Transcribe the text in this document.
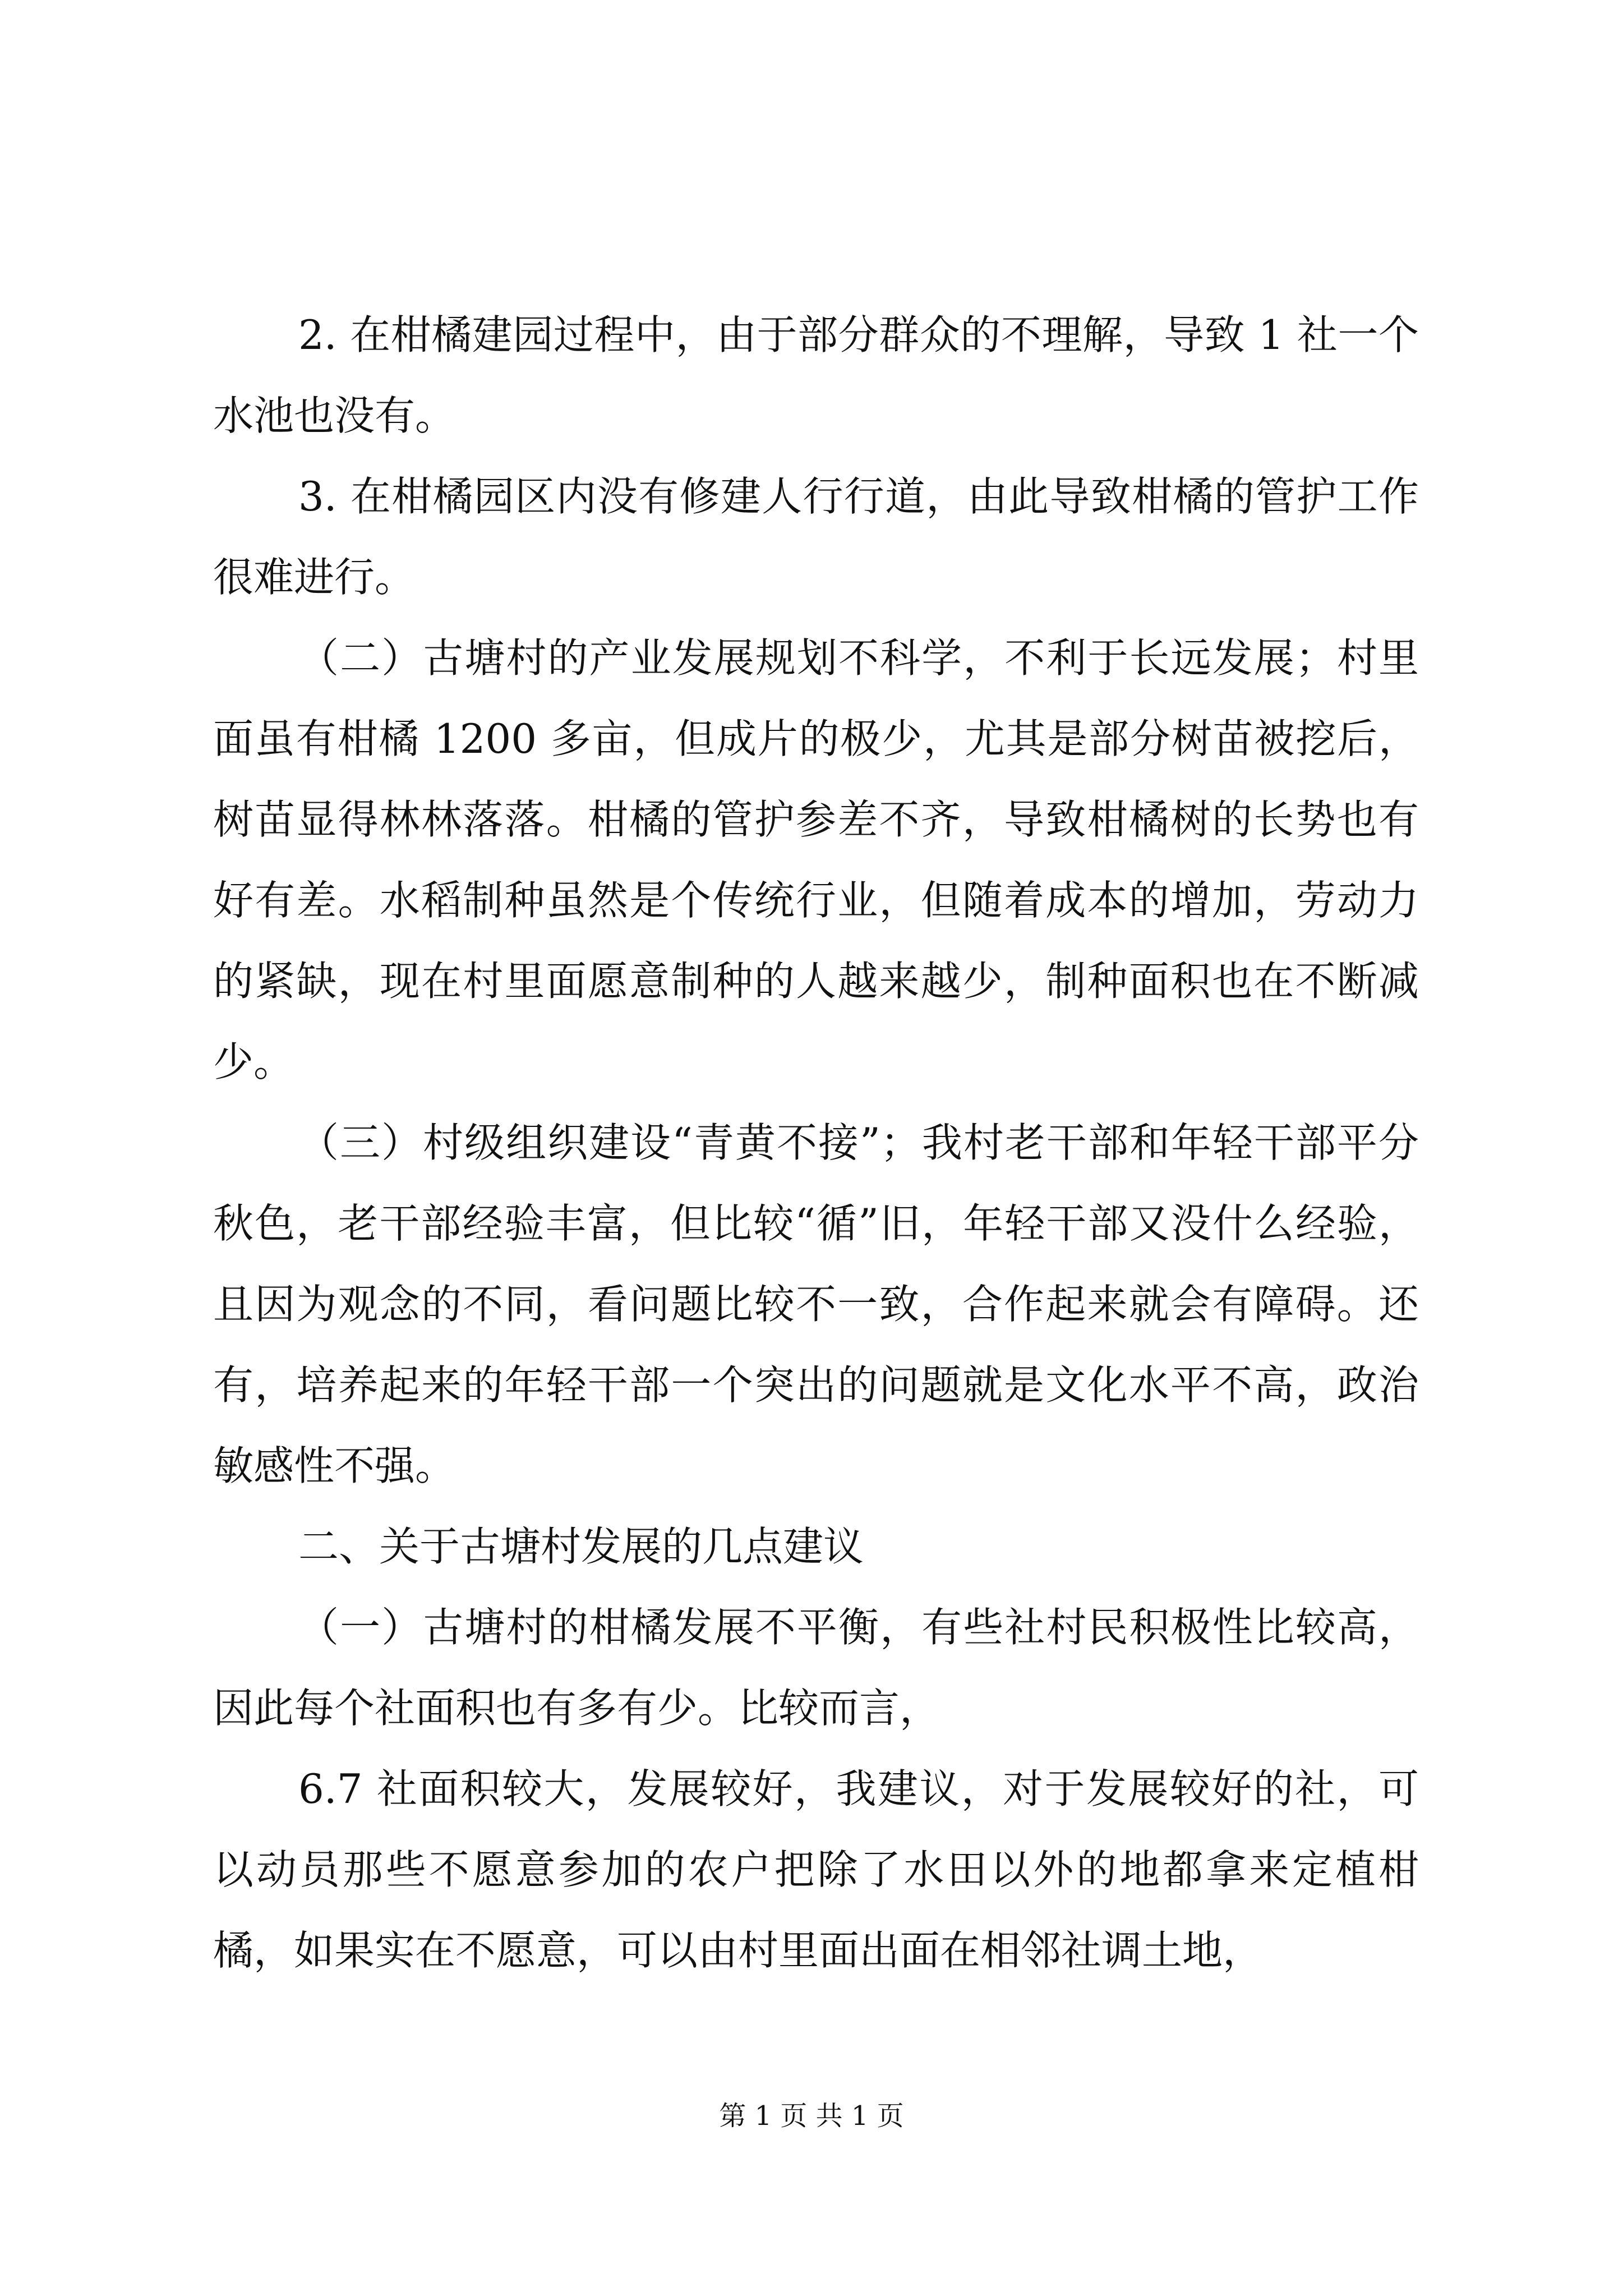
2. 在柑橘建园过程中，由于部分群众的不理解，导致 1 社一个水池也没有。

3. 在柑橘园区内没有修建人行行道，由此导致柑橘的管护工作很难进行。

（二）古塘村的产业发展规划不科学，不利于长远发展；村里面虽有柑橘 1200 多亩，但成片的极少，尤其是部分树苗被挖后，树苗显得林林落落。柑橘的管护参差不齐，导致柑橘树的长势也有好有差。水稻制种虽然是个传统行业，但随着成本的增加，劳动力的紧缺，现在村里面愿意制种的人越来越少，制种面积也在不断减少。

（三）村级组织建设“青黄不接”；我村老干部和年轻干部平分秋色，老干部经验丰富，但比较“循”旧，年轻干部又没什么经验，且因为观念的不同，看问题比较不一致，合作起来就会有障碍。还有，培养起来的年轻干部一个突出的问题就是文化水平不高，政治敏感性不强。

二、关于古塘村发展的几点建议

（一）古塘村的柑橘发展不平衡，有些社村民积极性比较高，因此每个社面积也有多有少。比较而言，

6.7 社面积较大，发展较好，我建议，对于发展较好的社，可以动员那些不愿意参加的农户把除了水田以外的地都拿来定植柑橘，如果实在不愿意，可以由村里面出面在相邻社调土地，

第 1 页 共 1 页
